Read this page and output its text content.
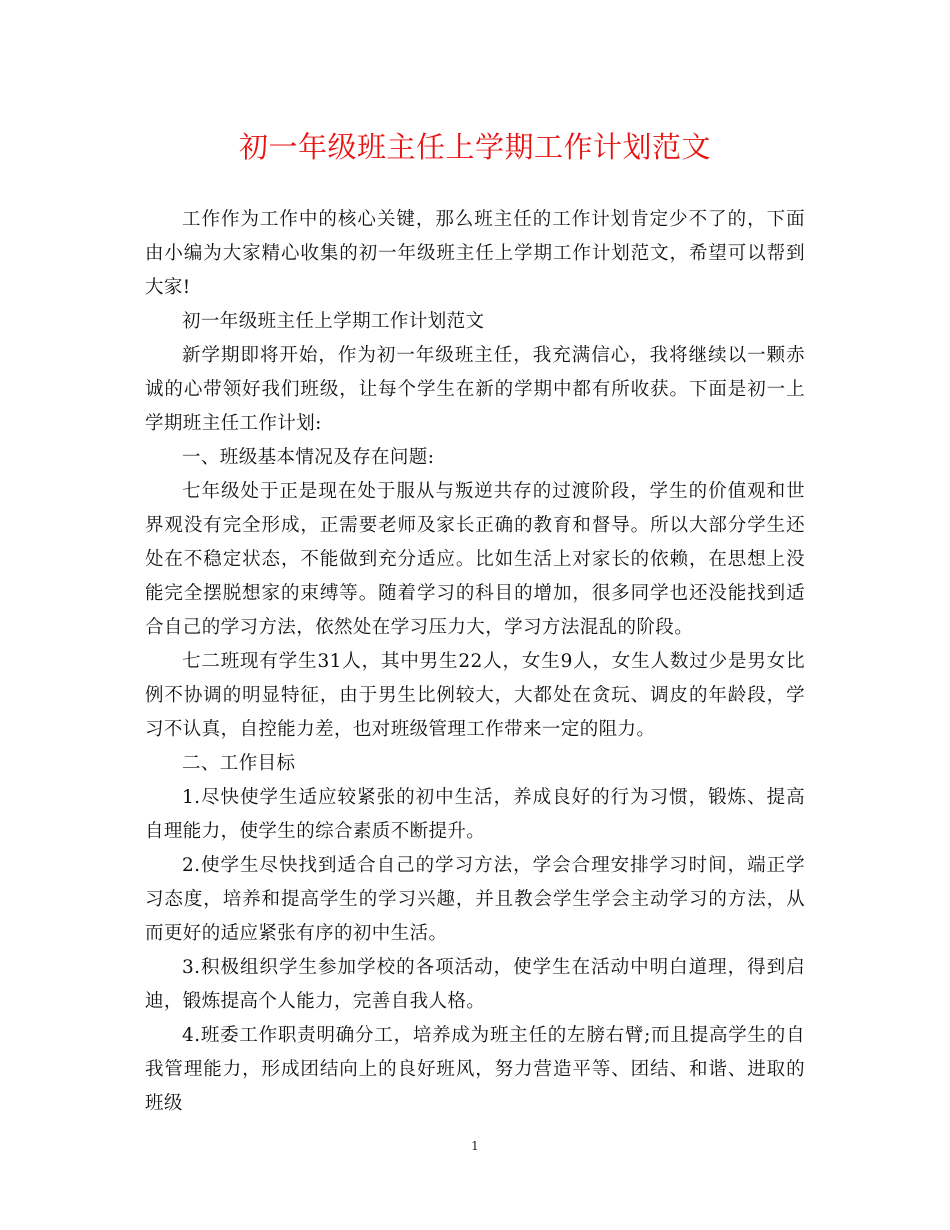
初一年级班主任上学期工作计划范文

工作作为工作中的核心关键，那么班主任的工作计划肯定少不了的，下面由小编为大家精心收集的初一年级班主任上学期工作计划范文，希望可以帮到大家!

初一年级班主任上学期工作计划范文

新学期即将开始，作为初一年级班主任，我充满信心，我将继续以一颗赤诚的心带领好我们班级，让每个学生在新的学期中都有所收获。下面是初一上学期班主任工作计划:

一、班级基本情况及存在问题:

七年级处于正是现在处于服从与叛逆共存的过渡阶段，学生的价值观和世界观没有完全形成，正需要老师及家长正确的教育和督导。所以大部分学生还处在不稳定状态，不能做到充分适应。比如生活上对家长的依赖，在思想上没能完全摆脱想家的束缚等。随着学习的科目的增加，很多同学也还没能找到适合自己的学习方法，依然处在学习压力大，学习方法混乱的阶段。

七二班现有学生31人，其中男生22人，女生9人，女生人数过少是男女比例不协调的明显特征，由于男生比例较大，大都处在贪玩、调皮的年龄段，学习不认真，自控能力差，也对班级管理工作带来一定的阻力。

二、工作目标

1.尽快使学生适应较紧张的初中生活，养成良好的行为习惯，锻炼、提高自理能力，使学生的综合素质不断提升。

2.使学生尽快找到适合自己的学习方法，学会合理安排学习时间，端正学习态度，培养和提高学生的学习兴趣，并且教会学生学会主动学习的方法，从而更好的适应紧张有序的初中生活。

3.积极组织学生参加学校的各项活动，使学生在活动中明白道理，得到启迪，锻炼提高个人能力，完善自我人格。

4.班委工作职责明确分工，培养成为班主任的左膀右臂;而且提高学生的自我管理能力，形成团结向上的良好班风，努力营造平等、团结、和谐、进取的班级

1
